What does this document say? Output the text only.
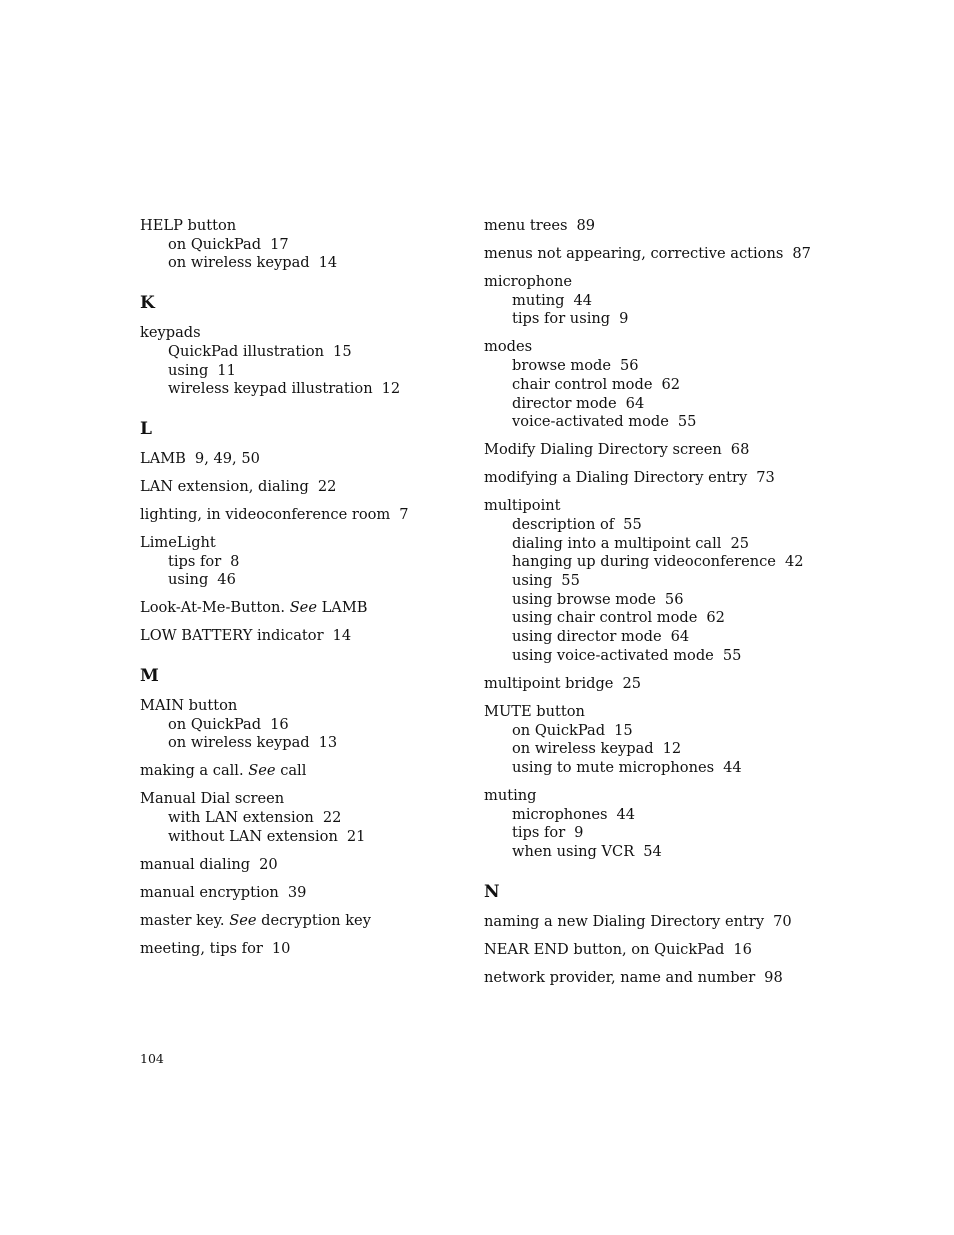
HELP button
on QuickPad 17
on wireless keypad 14
K
keypads
QuickPad illustration 15
using 11
wireless keypad illustration 12
L
LAMB 9, 49, 50
LAN extension, dialing 22
lighting, in videoconference room 7
LimeLight
tips for 8
using 46
Look-At-Me-Button. See LAMB
LOW BATTERY indicator 14
M
MAIN button
on QuickPad 16
on wireless keypad 13
making a call. See call
Manual Dial screen
with LAN extension 22
without LAN extension 21
manual dialing 20
manual encryption 39
master key. See decryption key
meeting, tips for 10
menu trees 89
menus not appearing, corrective actions 87
microphone
muting 44
tips for using 9
modes
browse mode 56
chair control mode 62
director mode 64
voice-activated mode 55
Modify Dialing Directory screen 68
modifying a Dialing Directory entry 73
multipoint
description of 55
dialing into a multipoint call 25
hanging up during videoconference 42
using 55
using browse mode 56
using chair control mode 62
using director mode 64
using voice-activated mode 55
multipoint bridge 25
MUTE button
on QuickPad 15
on wireless keypad 12
using to mute microphones 44
muting
microphones 44
tips for 9
when using VCR 54
N
naming a new Dialing Directory entry 70
NEAR END button, on QuickPad 16
network provider, name and number 98
104
